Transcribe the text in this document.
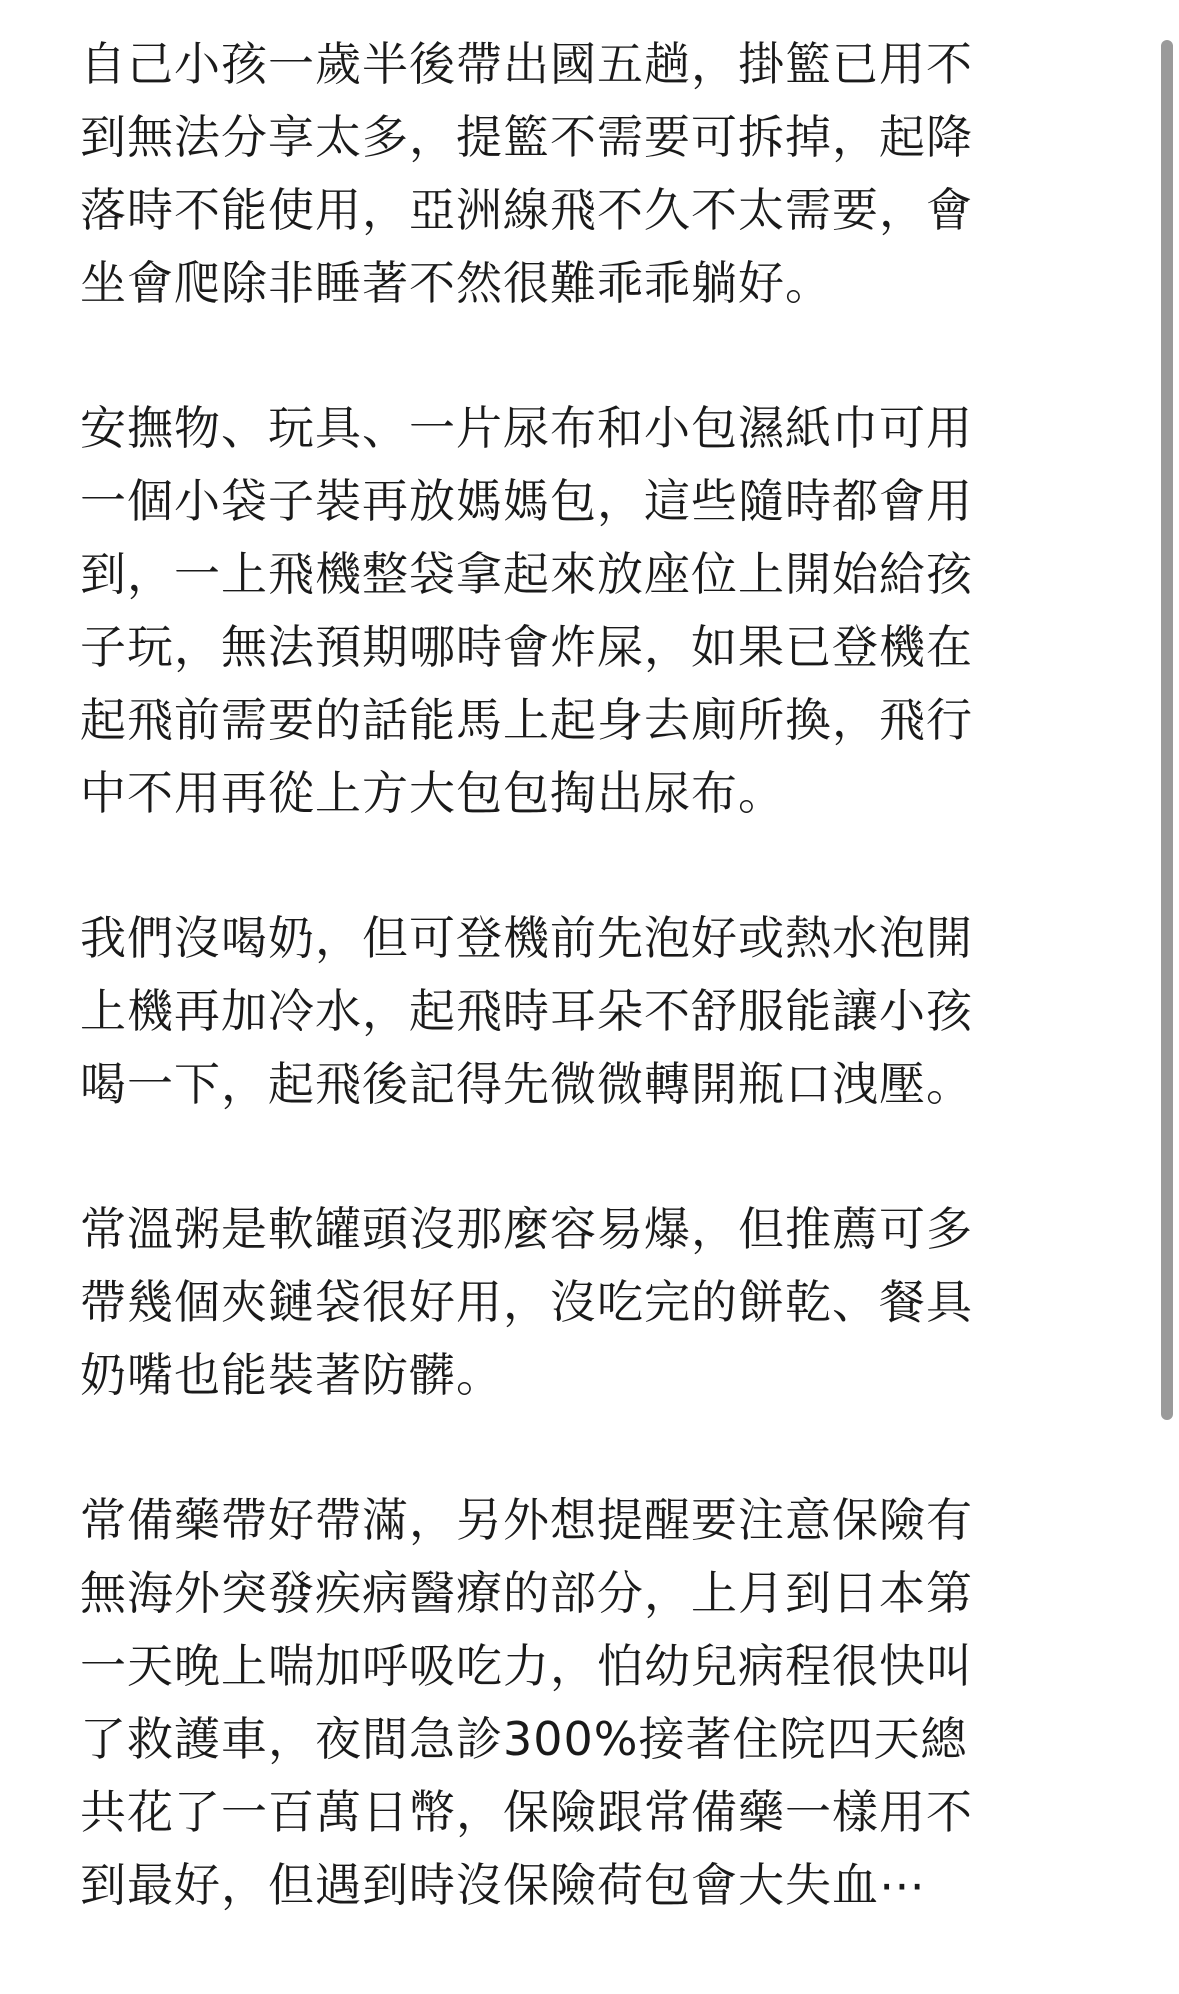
自己小孩一歲半後帶出國五趟，掛籃已用不
到無法分享太多，提籃不需要可拆掉，起降
落時不能使用，亞洲線飛不久不太需要，會
坐會爬除非睡著不然很難乖乖躺好。
安撫物、玩具、一片尿布和小包濕紙巾可用
一個小袋子裝再放媽媽包，這些隨時都會用
到，一上飛機整袋拿起來放座位上開始給孩
子玩，無法預期哪時會炸屎，如果已登機在
起飛前需要的話能馬上起身去廁所換，飛行
中不用再從上方大包包掏出尿布。
我們沒喝奶，但可登機前先泡好或熱水泡開
上機再加冷水，起飛時耳朵不舒服能讓小孩
喝一下，起飛後記得先微微轉開瓶口洩壓。
常溫粥是軟罐頭沒那麼容易爆，但推薦可多
帶幾個夾鏈袋很好用，沒吃完的餅乾、餐具
奶嘴也能裝著防髒。
常備藥帶好帶滿，另外想提醒要注意保險有
無海外突發疾病醫療的部分，上月到日本第
一天晚上喘加呼吸吃力，怕幼兒病程很快叫
了救護車，夜間急診300%接著住院四天總
共花了一百萬日幣，保險跟常備藥一樣用不
到最好，但遇到時沒保險荷包會大失血⋯
